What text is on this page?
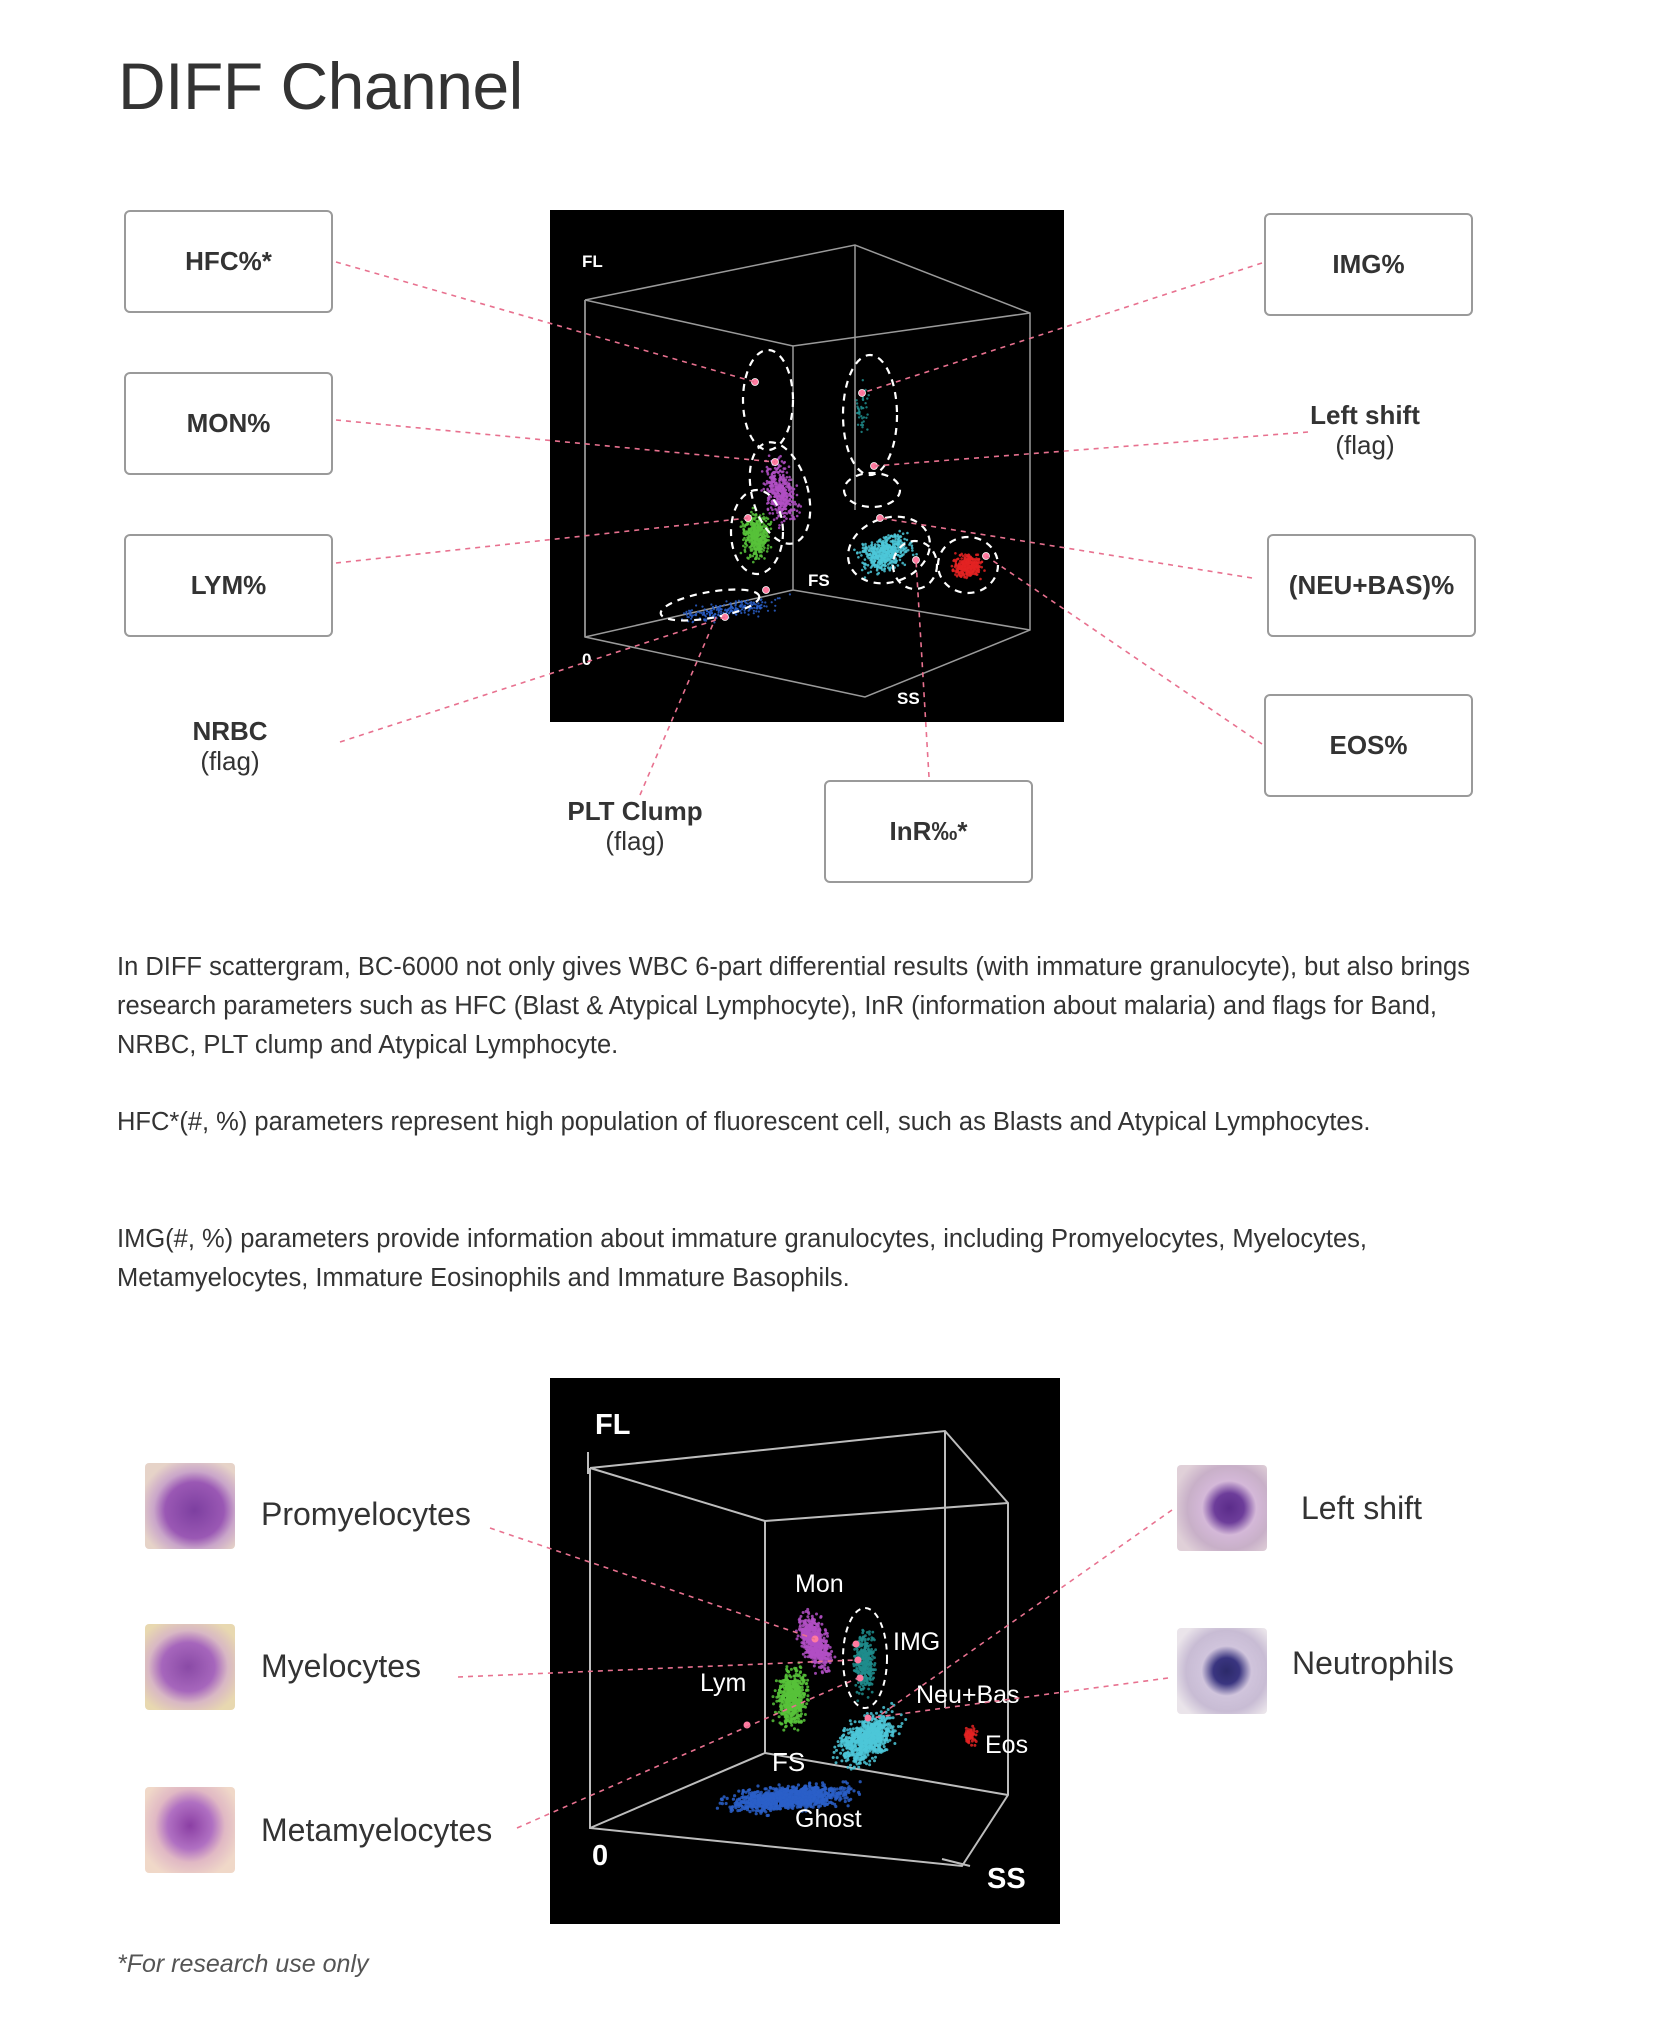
DIFF Channel
HFC%*
MON%
LYM%
NRBC
(flag)
IMG%
Left shift
(flag)
(NEU+BAS)%
EOS%
PLT Clump
(flag)	InR‰*
FL
FS
SS
0
In DIFF scattergram, BC-6000 not only gives WBC 6-part differential results (with immature granulocyte), but also brings research parameters such as HFC (Blast & Atypical Lymphocyte), InR (information about malaria) and flags for Band, NRBC, PLT clump and Atypical Lymphocyte.
HFC*(#, %) parameters represent high population of fluorescent cell, such as Blasts and Atypical Lymphocytes.
IMG(#, %) parameters provide information about immature granulocytes, including Promyelocytes, Myelocytes, Metamyelocytes, Immature Eosinophils and Immature Basophils.
Promyelocytes
Myelocytes
Metamyelocytes
Left shift
Neutrophils
FL
FS
SS
0
Mon
IMG
Lym	Neu+Bas
Eos
Ghost
*For research use only
